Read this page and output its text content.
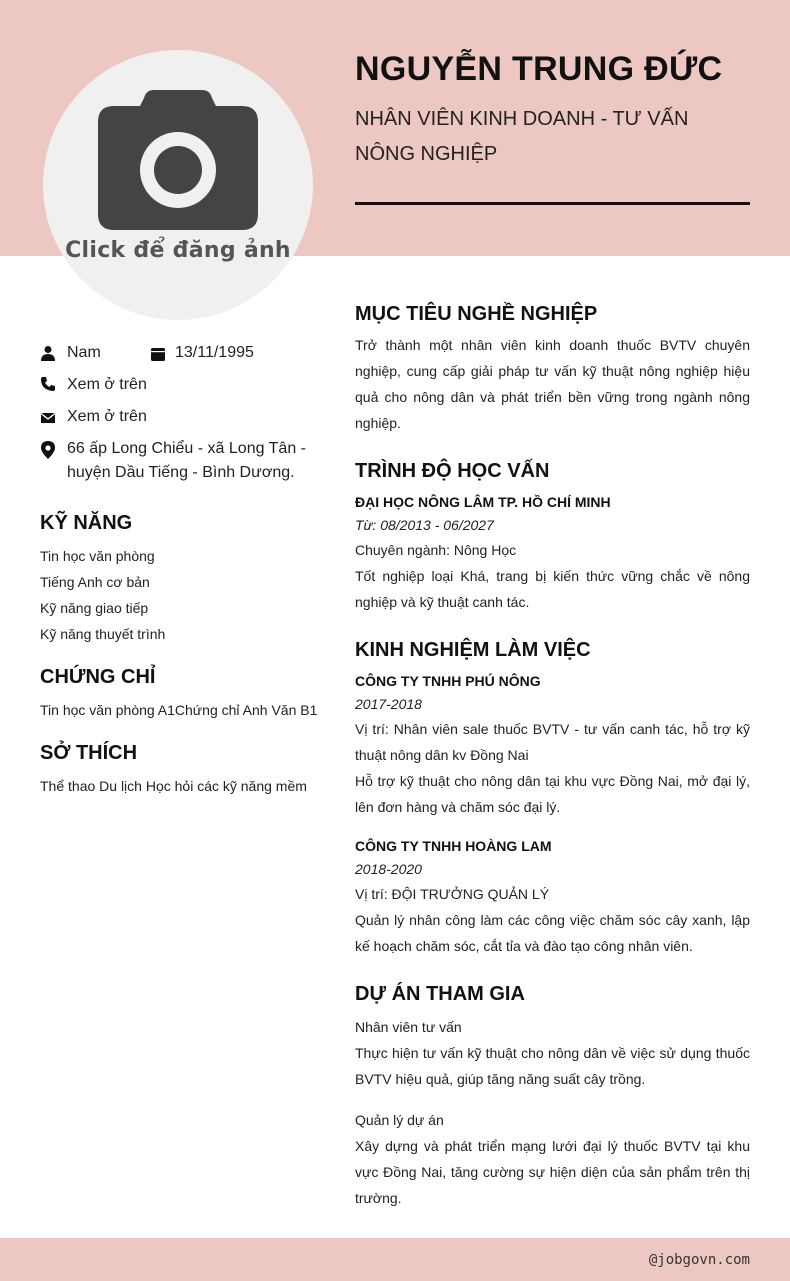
Click để đăng ảnh
NGUYỄN TRUNG ĐỨC
NHÂN VIÊN KINH DOANH - TƯ VẤN NÔNG NGHIỆP
Nam	13/11/1995
Xem ở trên
Xem ở trên
66 ấp Long Chiểu - xã Long Tân - huyện Dầu Tiếng - Bình Dương.
KỸ NĂNG
Tin học văn phòng
Tiếng Anh cơ bản
Kỹ năng giao tiếp
Kỹ năng thuyết trình
CHỨNG CHỈ
Tin học văn phòng A1Chứng chỉ Anh Văn B1
SỞ THÍCH
Thể thao Du lịch Học hỏi các kỹ năng mềm
MỤC TIÊU NGHỀ NGHIỆP
Trở thành một nhân viên kinh doanh thuốc BVTV chuyên nghiệp, cung cấp giải pháp tư vấn kỹ thuật nông nghiệp hiệu quả cho nông dân và phát triển bền vững trong ngành nông nghiệp.
TRÌNH ĐỘ HỌC VẤN
ĐẠI HỌC NÔNG LÂM TP. HỒ CHÍ MINH
Từ: 08/2013 - 06/2027
Chuyên ngành: Nông Học
Tốt nghiệp loại Khá, trang bị kiến thức vững chắc về nông nghiệp và kỹ thuật canh tác.
KINH NGHIỆM LÀM VIỆC
CÔNG TY TNHH PHÚ NÔNG
2017-2018
Vị trí: Nhân viên sale thuốc BVTV - tư vấn canh tác, hỗ trợ kỹ thuật nông dân kv Đồng Nai
Hỗ trợ kỹ thuật cho nông dân tại khu vực Đồng Nai, mở đại lý, lên đơn hàng và chăm sóc đại lý.
CÔNG TY TNHH HOÀNG LAM
2018-2020
Vị trí: ĐỘI TRƯỞNG QUẢN LÝ
Quản lý nhân công làm các công việc chăm sóc cây xanh, lập kế hoạch chăm sóc, cắt tỉa và đào tạo công nhân viên.
DỰ ÁN THAM GIA
Nhân viên tư vấn
Thực hiện tư vấn kỹ thuật cho nông dân về việc sử dụng thuốc BVTV hiệu quả, giúp tăng năng suất cây trồng.
Quản lý dự án
Xây dựng và phát triển mạng lưới đại lý thuốc BVTV tại khu vực Đồng Nai, tăng cường sự hiện diện của sản phẩm trên thị trường.
@jobgovn.com
